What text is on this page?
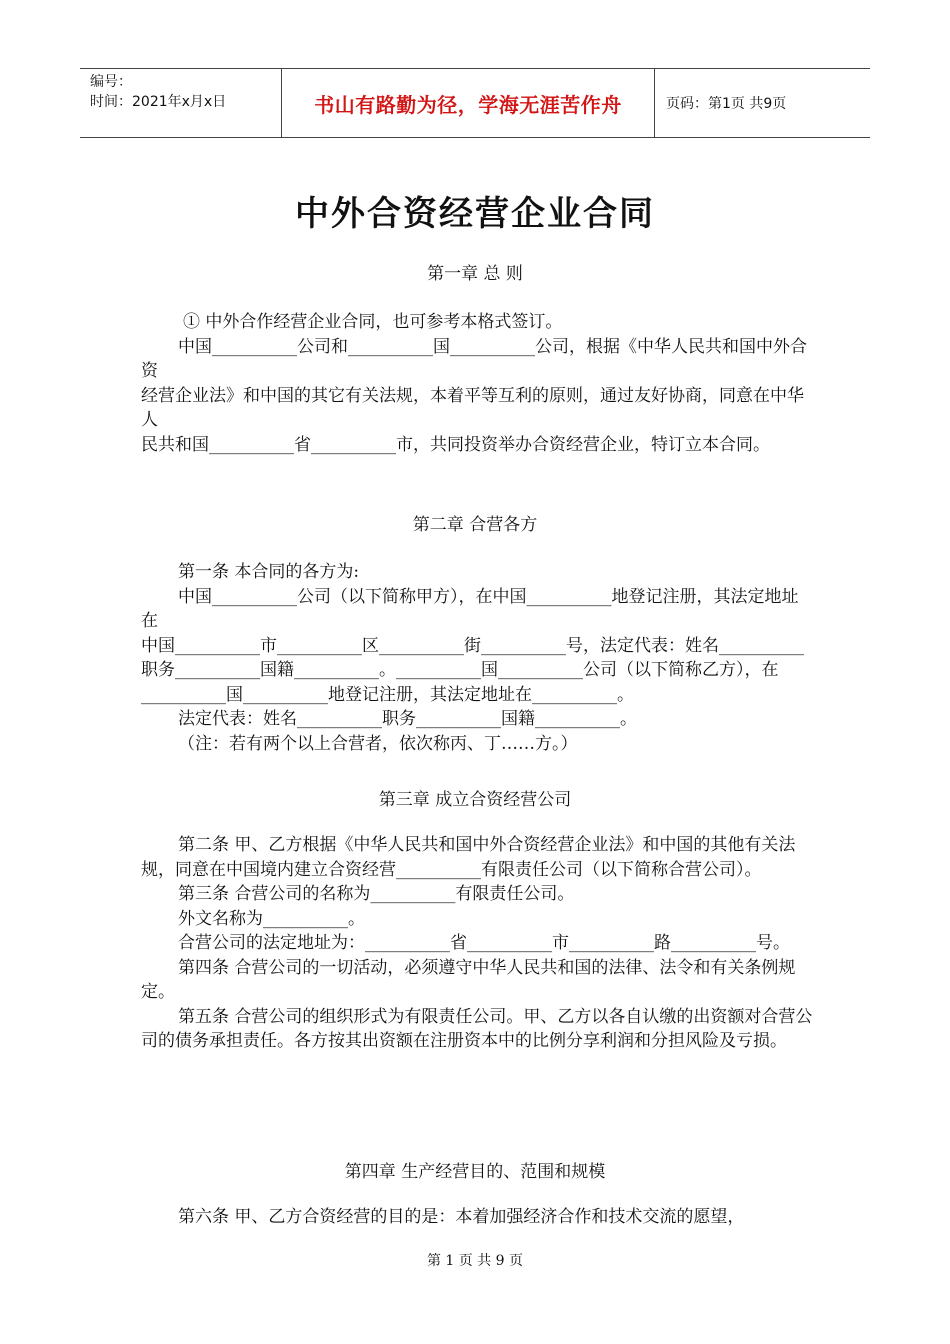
编号：
时间：2021年x月x日	书山有路勤为径，学海无涯苦作舟	页码：第1页 共9页
中外合资经营企业合同
第一章 总 则

① 中外合作经营企业合同，也可参考本格式签订。

中国__________公司和__________国__________公司，根据《中华人民共和国中外合资

经营企业法》和中国的其它有关法规，本着平等互利的原则，通过友好协商，同意在中华人

民共和国__________省__________市，共同投资举办合资经营企业，特订立本合同。

第二章 合营各方

第一条 本合同的各方为:

中国__________公司（以下简称甲方），在中国__________地登记注册，其法定地址在

中国__________市__________区__________街__________号，法定代表：姓名__________职务__________国籍__________。__________国__________公司（以下简称乙方），在__________国__________地登记注册，其法定地址在__________。

法定代表：姓名__________职务__________国籍__________。

（注：若有两个以上合营者，依次称丙、丁……方。）

第三章 成立合资经营公司

第二条 甲、乙方根据《中华人民共和国中外合资经营企业法》和中国的其他有关法规，同意在中国境内建立合资经营__________有限责任公司（以下简称合营公司）。

第三条 合营公司的名称为__________有限责任公司。

外文名称为__________。

合营公司的法定地址为：__________省__________市__________路__________号。

第四条 合营公司的一切活动，必须遵守中华人民共和国的法律、法令和有关条例规定。

第五条 合营公司的组织形式为有限责任公司。甲、乙方以各自认缴的出资额对合营公司的债务承担责任。各方按其出资额在注册资本中的比例分享利润和分担风险及亏损。

第四章 生产经营目的、范围和规模

第六条 甲、乙方合资经营的目的是：本着加强经济合作和技术交流的愿望，

第 1 页 共 9 页
